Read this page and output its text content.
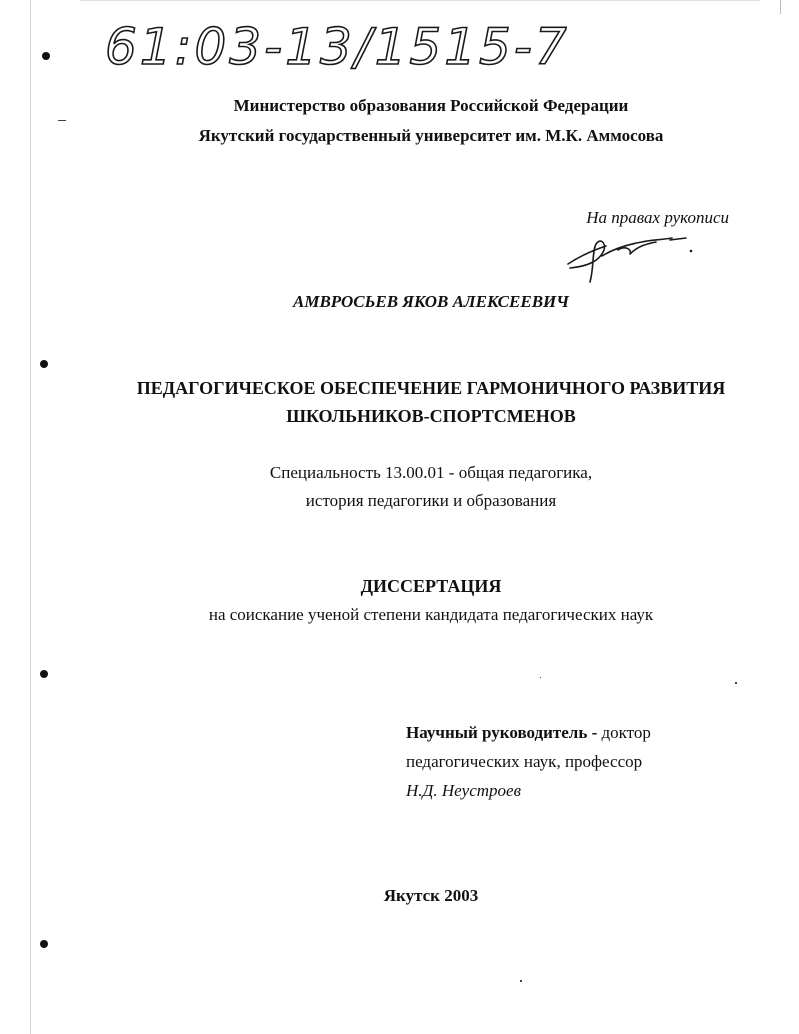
61:03-13/1515-7
Министерство образования Российской Федерации
Якутский государственный университет им. М.К. Аммосова
На правах рукописи
АМВРОСЬЕВ ЯКОВ АЛЕКСЕЕВИЧ
ПЕДАГОГИЧЕСКОЕ ОБЕСПЕЧЕНИЕ ГАРМОНИЧНОГО РАЗВИТИЯ
ШКОЛЬНИКОВ-СПОРТСМЕНОВ
Специальность 13.00.01 - общая педагогика,
история педагогики и образования
ДИССЕРТАЦИЯ
на соискание ученой степени кандидата педагогических наук
Научный руководитель - доктор
педагогических наук, профессор
Н.Д. Неустроев
Якутск 2003
